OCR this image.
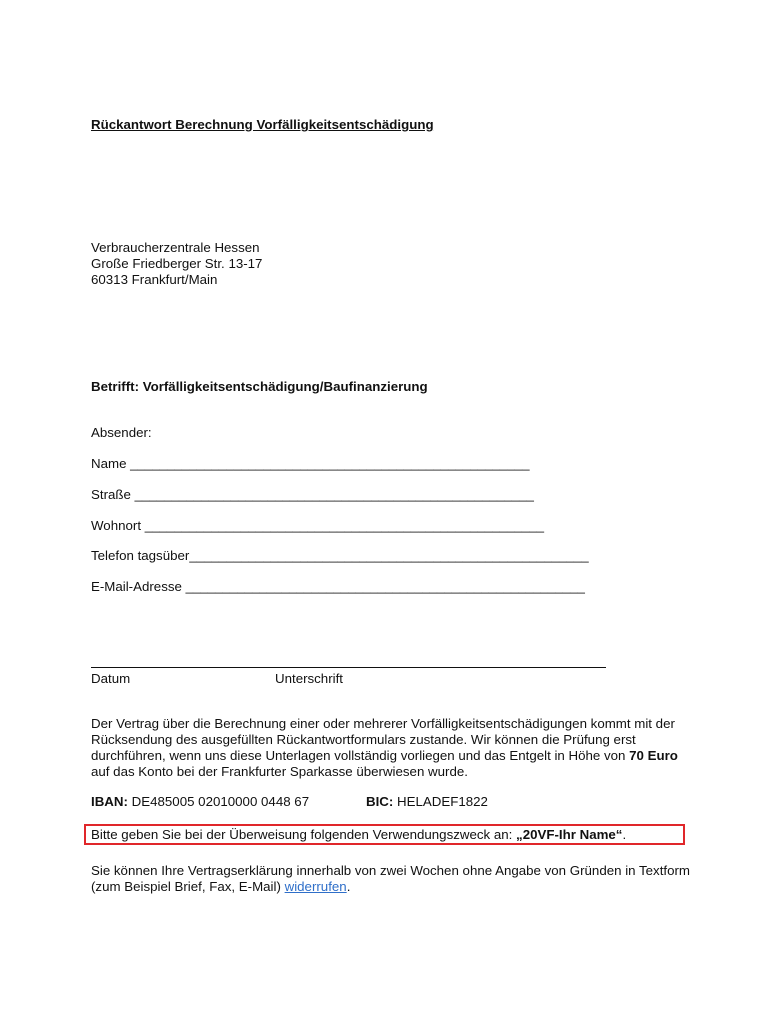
Rückantwort Berechnung Vorfälligkeitsentschädigung
Verbraucherzentrale Hessen
Große Friedberger Str. 13-17
60313 Frankfurt/Main
Betrifft: Vorfälligkeitsentschädigung/Baufinanzierung
Absender:
Name ______________________________________________________
Straße ______________________________________________________
Wohnort ______________________________________________________
Telefon tagsüber______________________________________________________
E-Mail-Adresse ______________________________________________________
Datum	Unterschrift
Der Vertrag über die Berechnung einer oder mehrerer Vorfälligkeitsentschädigungen kommt mit der Rücksendung des ausgefüllten Rückantwortformulars zustande. Wir können die Prüfung erst durchführen, wenn uns diese Unterlagen vollständig vorliegen und das Entgelt in Höhe von 70 Euro auf das Konto bei der Frankfurter Sparkasse überwiesen wurde.
IBAN: DE485005 02010000 0448 67	BIC: HELADEF1822
Bitte geben Sie bei der Überweisung folgenden Verwendungszweck an: „20VF-Ihr Name“.
Sie können Ihre Vertragserklärung innerhalb von zwei Wochen ohne Angabe von Gründen in Textform (zum Beispiel Brief, Fax, E-Mail) widerrufen.
